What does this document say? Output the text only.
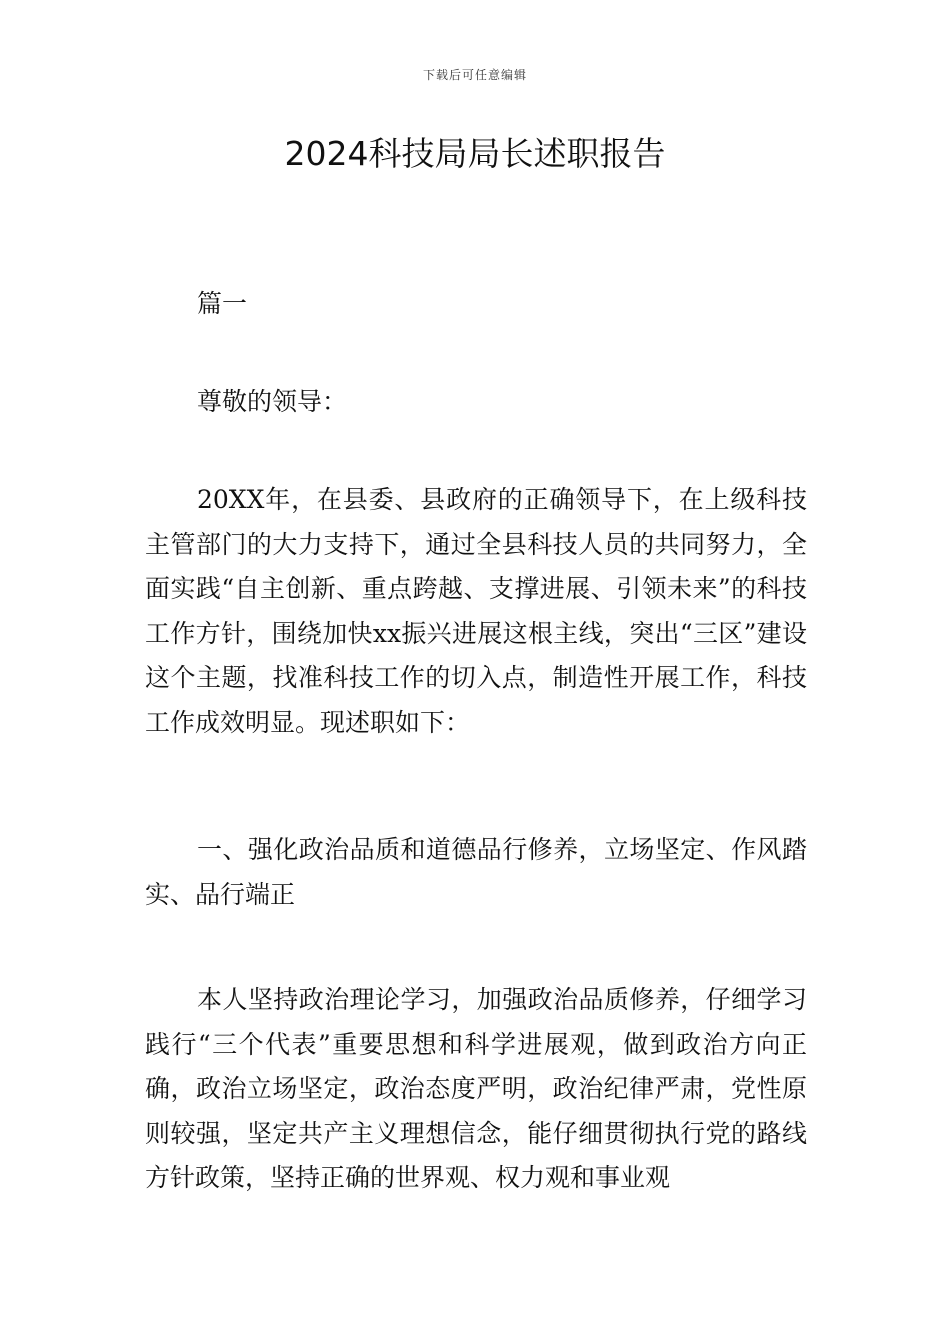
下载后可任意编辑
2024科技局局长述职报告

篇一

尊敬的领导：

20XX年，在县委、县政府的正确领导下，在上级科技主管部门的大力支持下，通过全县科技人员的共同努力，全面实践“自主创新、重点跨越、支撑进展、引领未来”的科技工作方针，围绕加快xx振兴进展这根主线，突出“三区”建设这个主题，找准科技工作的切入点，制造性开展工作，科技工作成效明显。现述职如下：

一、强化政治品质和道德品行修养，立场坚定、作风踏实、品行端正

本人坚持政治理论学习，加强政治品质修养，仔细学习践行“三个代表”重要思想和科学进展观，做到政治方向正确，政治立场坚定，政治态度严明，政治纪律严肃，党性原则较强，坚定共产主义理想信念，能仔细贯彻执行党的路线方针政策，坚持正确的世界观、权力观和事业观
